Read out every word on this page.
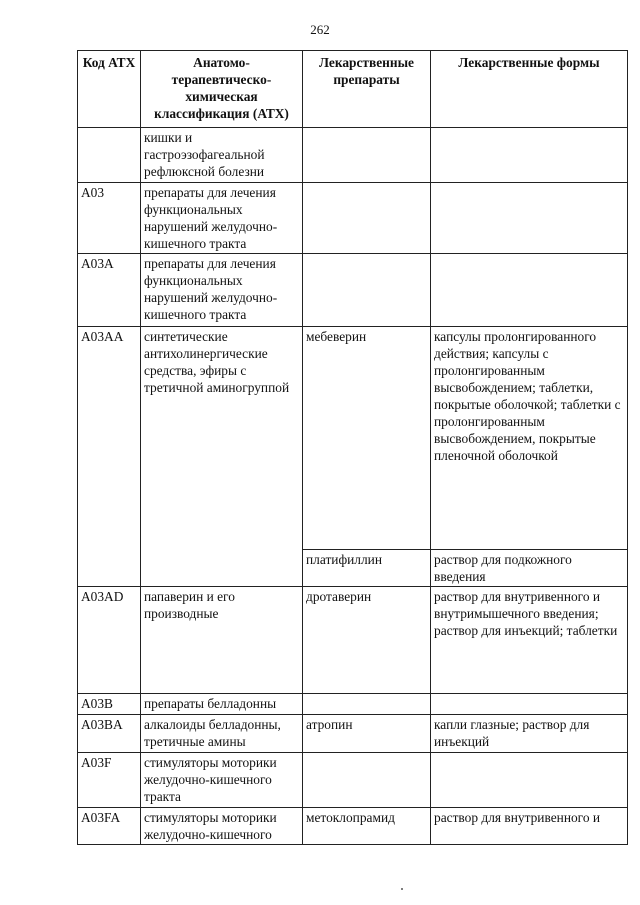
262
Код АТХ	Анатомо-терапевтическо-химическая классификация (АТХ)	Лекарственные препараты	Лекарственные формы
	кишки и гастроэзофагеальной рефлюксной болезни		
A03	препараты для лечения функциональных нарушений желудочно-кишечного тракта		
A03A	препараты для лечения функциональных нарушений желудочно-кишечного тракта		
A03AA	синтетические антихолинергические средства, эфиры с третичной аминогруппой	мебеверин	капсулы пролонгированного действия; капсулы с пролонгированным высвобождением; таблетки, покрытые оболочкой; таблетки с пролонгированным высвобождением, покрытые пленочной оболочкой
		платифиллин	раствор для подкожного введения
A03AD	папаверин и его производные	дротаверин	раствор для внутривенного и внутримышечного введения; раствор для инъекций; таблетки
A03B	препараты белладонны		
A03BA	алкалоиды белладонны, третичные амины	атропин	капли глазные; раствор для инъекций
A03F	стимуляторы моторики желудочно-кишечного тракта		
A03FA	стимуляторы моторики желудочно-кишечного	метоклопрамид	раствор для внутривенного и
